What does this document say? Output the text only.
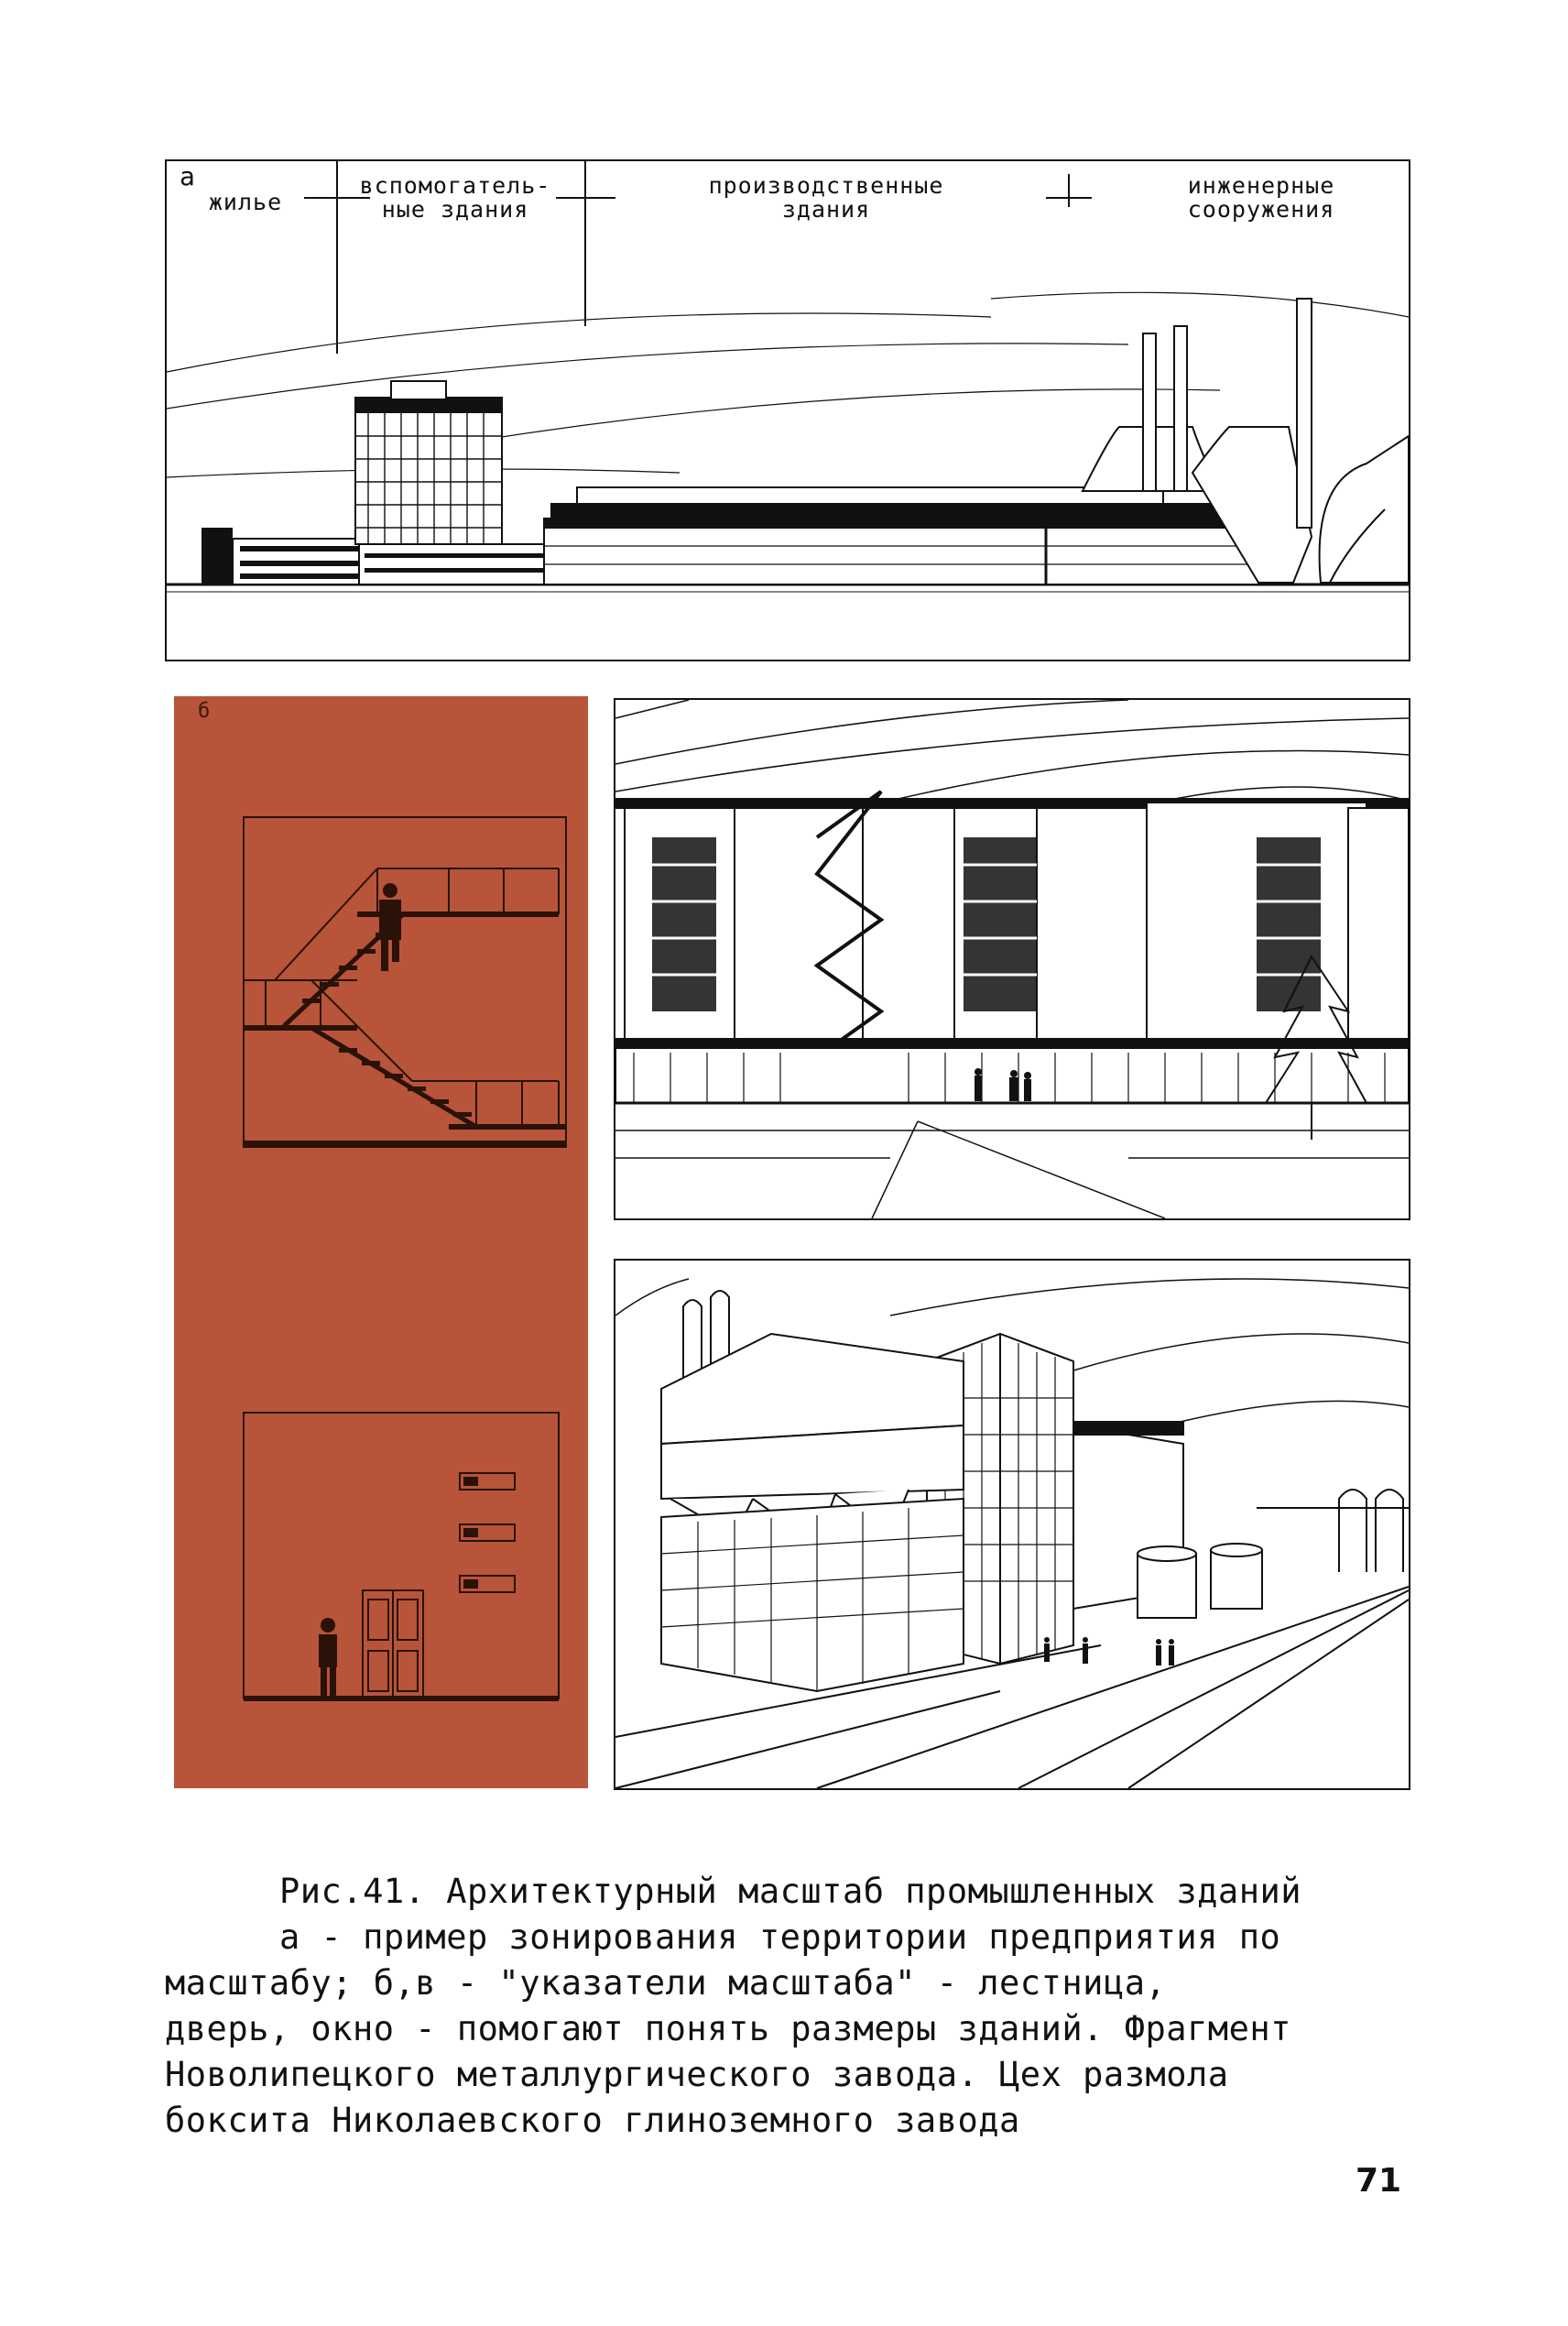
а
жилье
вспомогатель-
ные здания
производственные
здания
инженерные
сооружения
б

Рис.41. Архитектурный масштаб промышленных зданий

а - пример зонирования территории предприятия по

масштабу; б,в - "указатели масштаба" - лестница,

дверь, окно - помогают понять размеры зданий. Фрагмент

Новолипецкого металлургического завода. Цех размола

боксита Николаевского глиноземного завода

71
